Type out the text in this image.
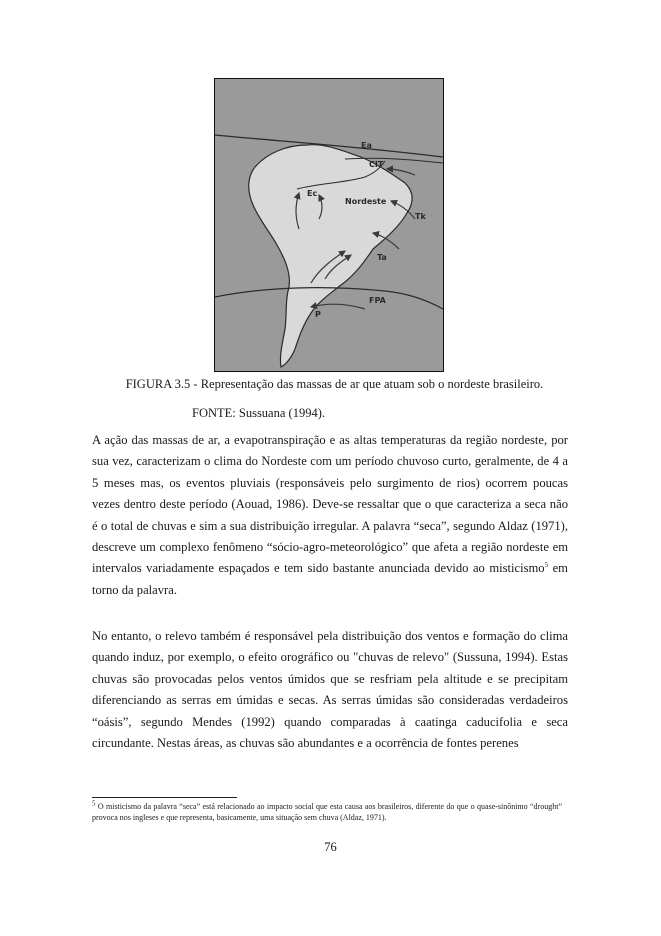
Ea
CIT
Ec
Nordeste
Tk
Ta
FPA
P
FIGURA 3.5 - Representação das massas de ar que atuam sob o nordeste brasileiro.
FONTE: Sussuana (1994).
A ação das massas de ar, a evapotranspiração e as altas temperaturas da região nordeste, por sua vez, caracterizam o clima do Nordeste com um período chuvoso curto, geralmente, de 4 a 5 meses mas, os eventos pluviais (responsáveis pelo surgimento de rios) ocorrem poucas vezes dentro deste período (Aouad, 1986). Deve-se ressaltar que o que caracteriza a seca não é o total de chuvas e sim a sua distribuição irregular. A palavra “seca”, segundo Aldaz (1971), descreve um complexo fenômeno “sócio-agro-meteorológico” que afeta a região nordeste em intervalos variadamente espaçados e tem sido bastante anunciada devido ao misticismo$^5$ em torno da palavra.
No entanto, o relevo também é responsável pela distribuição dos ventos e formação do clima quando induz, por exemplo, o efeito orográfico ou "chuvas de relevo" (Sussuna, 1994). Estas chuvas são provocadas pelos ventos úmidos que se resfriam pela altitude e se precipitam diferenciando as serras em úmidas e secas. As serras úmidas são consideradas verdadeiros “oásis”, segundo Mendes (1992) quando comparadas à caatinga caducifolia e seca circundante. Nestas áreas, as chuvas são abundantes e a ocorrência de fontes perenes
$^5$ O misticismo da palavra “seca” está relacionado ao impacto social que esta causa aos brasileiros, diferente do que o quase-sinônimo “drought” provoca nos ingleses e que representa, basicamente, uma situação sem chuva (Aldaz, 1971).
76
